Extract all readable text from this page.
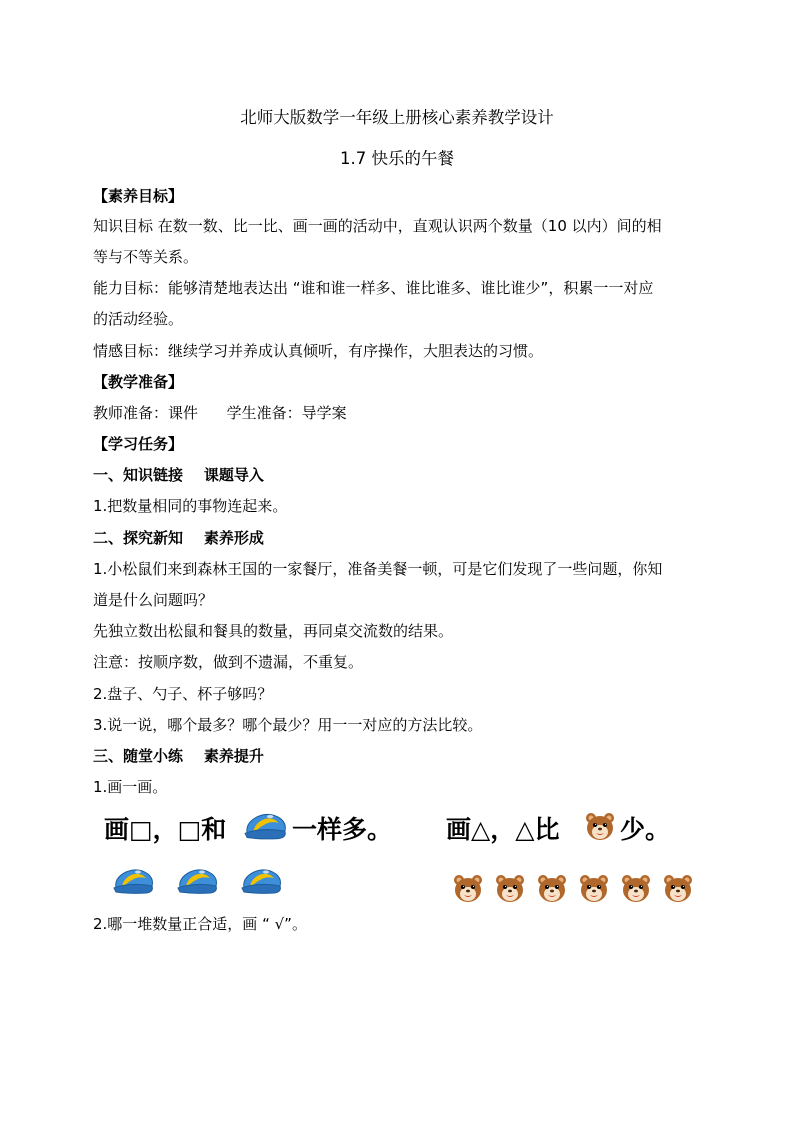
北师大版数学一年级上册核心素养教学设计
1.7 快乐的午餐
【素养目标】
知识目标 在数一数、比一比、画一画的活动中，直观认识两个数量（10 以内）间的相
等与不等关系。
能力目标：能够清楚地表达出 “谁和谁一样多、谁比谁多、谁比谁少”，积累一一对应
的活动经验。
情感目标：继续学习并养成认真倾听，有序操作，大胆表达的习惯。
【教学准备】
教师准备：课件      学生准备：导学案
【学习任务】
一、知识链接    课题导入
1.把数量相同的事物连起来。
二、探究新知    素养形成
1.小松鼠们来到森林王国的一家餐厅，准备美餐一顿，可是它们发现了一些问题，你知
道是什么问题吗？
先独立数出松鼠和餐具的数量，再同桌交流数的结果。
注意：按顺序数，做到不遗漏，不重复。
2.盘子、勺子、杯子够吗？
3.说一说，哪个最多？哪个最少？用一一对应的方法比较。
三、随堂小练    素养提升
1.画一画。
画□，□和	一样多。 画△，△比 少。
2.哪一堆数量正合适，画 “ √”。
